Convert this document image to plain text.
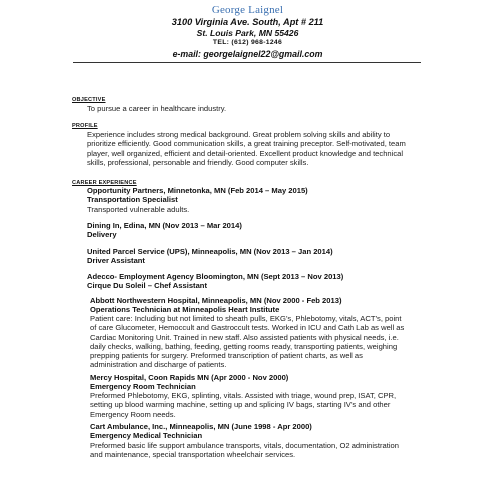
George Laignel
3100 Virginia Ave. South, Apt # 211
St. Louis Park, MN 55426
TEL: (612) 968-1246
e-mail: georgelaignel22@gmail.com
OBJECTIVE
To pursue a career in healthcare industry.
PROFILE
Experience includes strong medical background. Great problem solving skills and ability to
prioritize efficiently. Good communication skills, a great training preceptor. Self-motivated, team
player, well organized, efficient and detail-oriented. Excellent product knowledge and technical
skills, professional, personable and friendly. Good computer skills.
CAREER EXPERIENCE
Opportunity Partners, Minnetonka, MN (Feb 2014 – May 2015)
Transportation Specialist
Transported vulnerable adults.
Dining In, Edina, MN (Nov 2013 – Mar 2014)
Delivery
United Parcel Service (UPS), Minneapolis, MN (Nov 2013 – Jan 2014)
Driver Assistant
Adecco- Employment Agency Bloomington, MN (Sept 2013 – Nov 2013)
Cirque Du Soleil – Chef Assistant
Abbott Northwestern Hospital, Minneapolis, MN (Nov 2000 - Feb 2013)
Operations Technician at Minneapolis Heart Institute
Patient care: Including but not limited to sheath pulls, EKG’s, Phlebotomy, vitals, ACT’s, point
of care Glucometer, Hemoccult and Gastroccult tests. Worked in ICU and Cath Lab as well as
Cardiac Monitoring Unit. Trained in new staff. Also assisted patients with physical needs, i.e.
daily checks, walking, bathing, feeding, getting rooms ready, transporting patients, weighing
prepping patients for surgery. Preformed transcription of patient charts, as well as
administration and discharge of patients.
Mercy Hospital, Coon Rapids MN (Apr 2000 - Nov 2000)
Emergency Room Technician
Preformed Phlebotomy, EKG, splinting, vitals. Assisted with triage, wound prep, ISAT, CPR,
setting up blood warming machine, setting up and splicing IV bags, starting IV’s and other
Emergency Room needs.
Cart Ambulance, Inc., Minneapolis, MN (June 1998 - Apr 2000)
Emergency Medical Technician
Preformed basic life support ambulance transports, vitals, documentation, O2 administration
and maintenance, special transportation wheelchair services.
